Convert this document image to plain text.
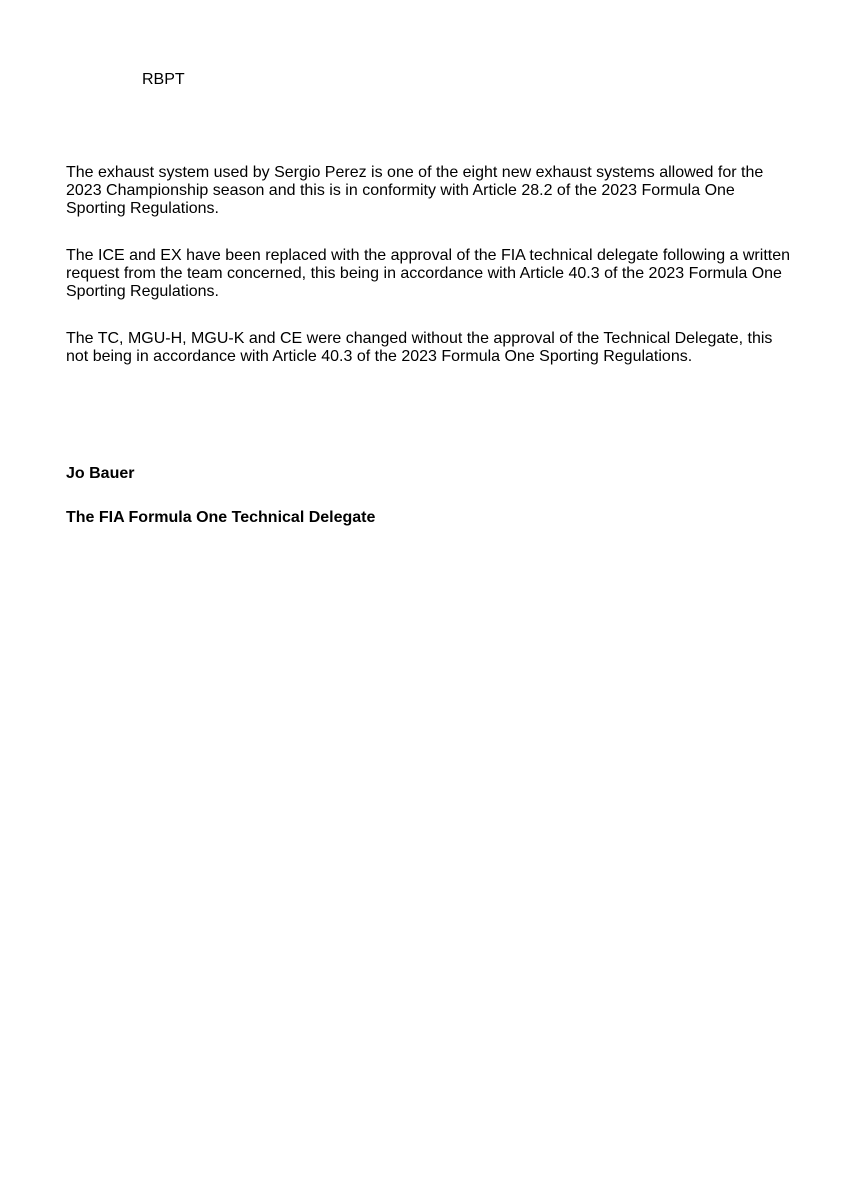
RBPT

The exhaust system used by Sergio Perez is one of the eight new exhaust systems allowed for the 2023 Championship season and this is in conformity with Article 28.2 of the 2023 Formula One Sporting Regulations.

The ICE and EX have been replaced with the approval of the FIA technical delegate following a written request from the team concerned, this being in accordance with Article 40.3 of the 2023 Formula One Sporting Regulations.

The TC, MGU-H, MGU-K and CE were changed without the approval of the Technical Delegate, this not being in accordance with Article 40.3 of the 2023 Formula One Sporting Regulations.

Jo Bauer

The FIA Formula One Technical Delegate
